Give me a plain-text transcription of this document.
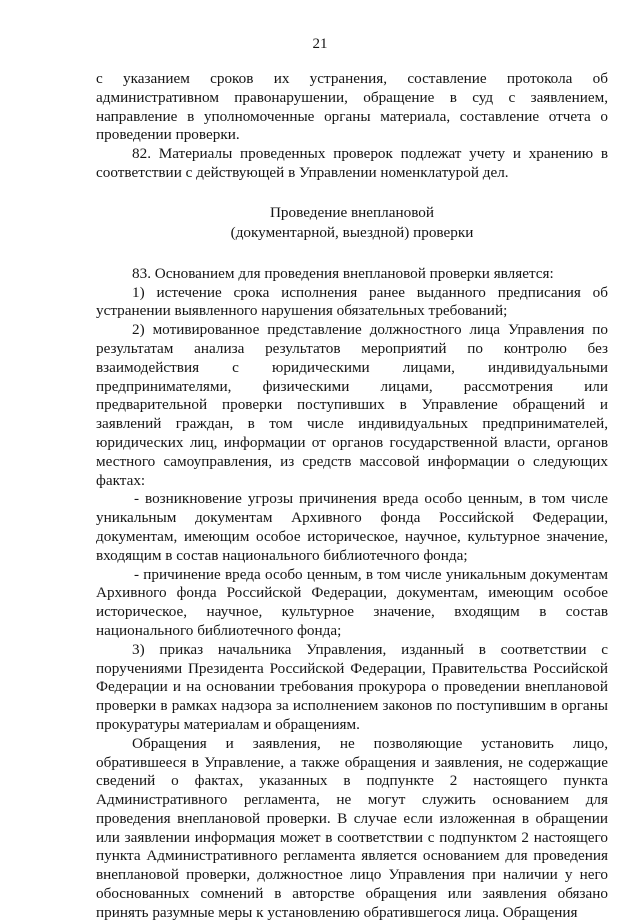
21

с указанием сроков их устранения, составление протокола об административном правонарушении, обращение в суд с заявлением, направление в уполномоченные органы материала, составление отчета о проведении проверки.

82. Материалы проведенных проверок подлежат учету и хранению в соответствии с действующей в Управлении номенклатурой дел.

Проведение внеплановой
(документарной, выездной) проверки

83. Основанием для проведения внеплановой проверки является:

1) истечение срока исполнения ранее выданного предписания об устранении выявленного нарушения обязательных требований;

2) мотивированное представление должностного лица Управления по результатам анализа результатов мероприятий по контролю без взаимодействия с юридическими лицами, индивидуальными предпринимателями, физическими лицами, рассмотрения или предварительной проверки поступивших в Управление обращений и заявлений граждан, в том числе индивидуальных предпринимателей, юридических лиц, информации от органов государственной власти, органов местного самоуправления, из средств массовой информации о следующих фактах:

- возникновение угрозы причинения вреда особо ценным, в том числе уникальным документам Архивного фонда Российской Федерации, документам, имеющим особое историческое, научное, культурное значение, входящим в состав национального библиотечного фонда;

- причинение вреда особо ценным, в том числе уникальным документам Архивного фонда Российской Федерации, документам, имеющим особое историческое, научное, культурное значение, входящим в состав национального библиотечного фонда;

3) приказ начальника Управления, изданный в соответствии с поручениями Президента Российской Федерации, Правительства Российской Федерации и на основании требования прокурора о проведении внеплановой проверки в рамках надзора за исполнением законов по поступившим в органы прокуратуры материалам и обращениям.

Обращения и заявления, не позволяющие установить лицо, обратившееся в Управление, а также обращения и заявления, не содержащие сведений о фактах, указанных в подпункте 2 настоящего пункта Административного регламента, не могут служить основанием для проведения внеплановой проверки. В случае если изложенная в обращении или заявлении информация может в соответствии с подпунктом 2 настоящего пункта Административного регламента является основанием для проведения внеплановой проверки, должностное лицо Управления при наличии у него обоснованных сомнений в авторстве обращения или заявления обязано принять разумные меры к установлению обратившегося лица. Обращения
